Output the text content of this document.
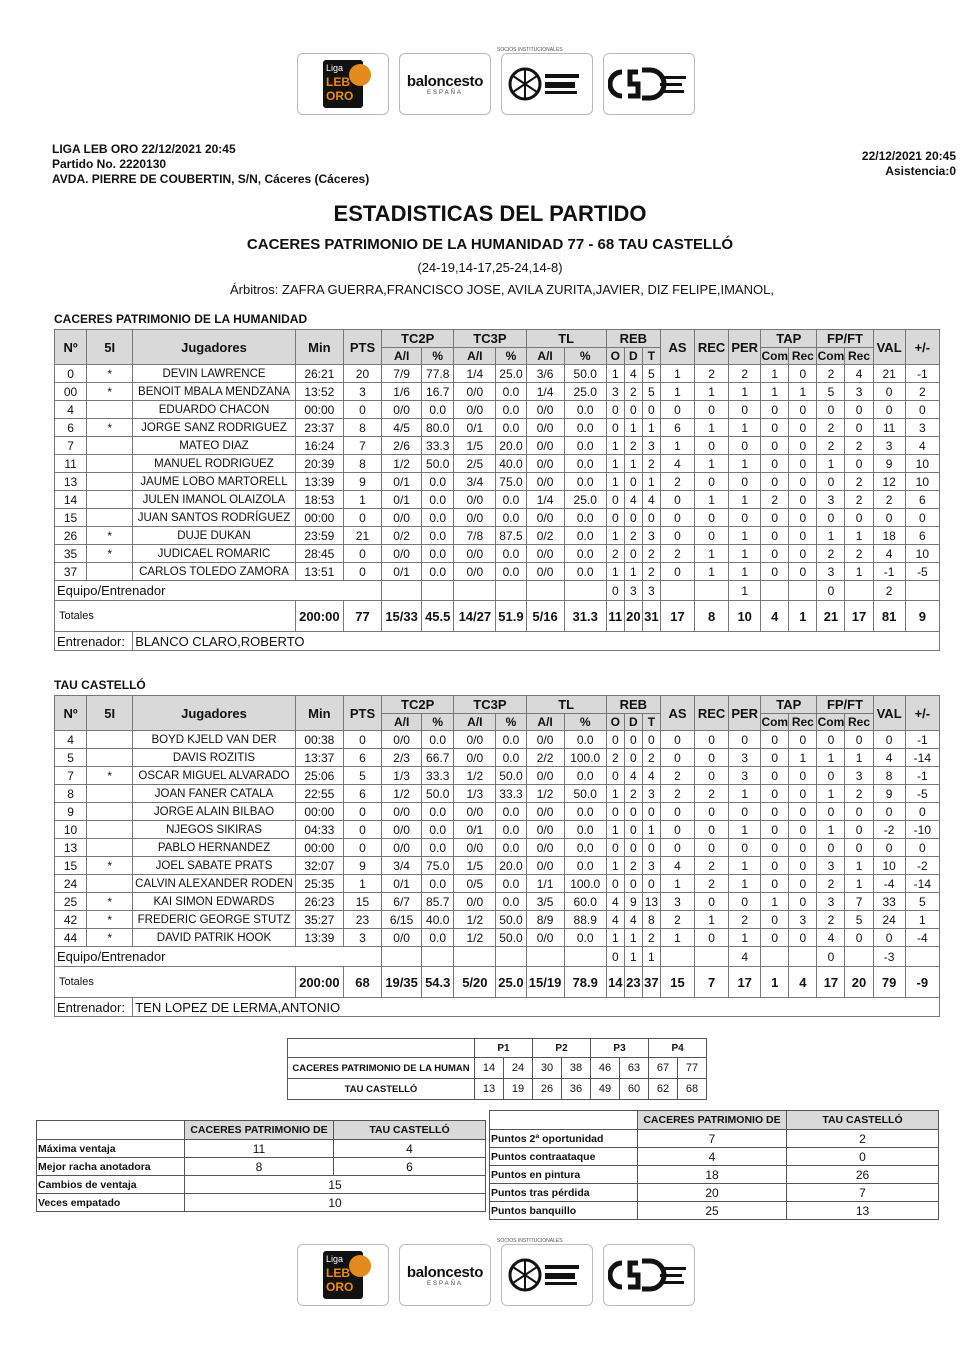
SOCIOS INSTITUCIONALES
Liga
LEB
ORO
baloncesto
ESPAÑA
LIGA LEB ORO 22/12/2021 20:45
Partido No. 2220130
AVDA. PIERRE DE COUBERTIN, S/N, Cáceres (Cáceres)
22/12/2021 20:45
Asistencia:0
ESTADISTICAS DEL PARTIDO
CACERES PATRIMONIO DE LA HUMANIDAD 77 - 68 TAU CASTELLÓ
(24-19,14-17,25-24,14-8)
Árbitros: ZAFRA GUERRA,FRANCISCO JOSE, AVILA ZURITA,JAVIER, DIZ FELIPE,IMANOL,
CACERES PATRIMONIO DE LA HUMANIDAD
Nº	5I	Jugadores	Min	PTS	TC2P		TC3P		TL		REB			AS	REC	PER	TAP		FP/FT		VAL	+/-
					A/I	%	A/I	%	A/I	%	O	D	T				Com	Rec	Com	Rec		
0	*	DEVIN LAWRENCE	26:21	20	7/9	77.8	1/4	25.0	3/6	50.0	1	4	5	1	2	2	1	0	2	4	21	-1
00	*	BENOIT MBALA MENDZANA	13:52	3	1/6	16.7	0/0	0.0	1/4	25.0	3	2	5	1	1	1	1	1	5	3	0	2
4		EDUARDO CHACON	00:00	0	0/0	0.0	0/0	0.0	0/0	0.0	0	0	0	0	0	0	0	0	0	0	0	0
6	*	JORGE SANZ RODRIGUEZ	23:37	8	4/5	80.0	0/1	0.0	0/0	0.0	0	1	1	6	1	1	0	0	2	0	11	3
7		MATEO DIAZ	16:24	7	2/6	33.3	1/5	20.0	0/0	0.0	1	2	3	1	0	0	0	0	2	2	3	4
11		MANUEL RODRIGUEZ	20:39	8	1/2	50.0	2/5	40.0	0/0	0.0	1	1	2	4	1	1	0	0	1	0	9	10
13		JAUME LOBO MARTORELL	13:39	9	0/1	0.0	3/4	75.0	0/0	0.0	1	0	1	2	0	0	0	0	0	2	12	10
14		JULEN IMANOL OLAIZOLA	18:53	1	0/1	0.0	0/0	0.0	1/4	25.0	0	4	4	0	1	1	2	0	3	2	2	6
15		JUAN SANTOS RODRÍGUEZ	00:00	0	0/0	0.0	0/0	0.0	0/0	0.0	0	0	0	0	0	0	0	0	0	0	0	0
26	*	DUJE DUKAN	23:59	21	0/2	0.0	7/8	87.5	0/2	0.0	1	2	3	0	0	1	0	0	1	1	18	6
35	*	JUDICAEL ROMARIC	28:45	0	0/0	0.0	0/0	0.0	0/0	0.0	2	0	2	2	1	1	0	0	2	2	4	10
37		CARLOS TOLEDO ZAMORA	13:51	0	0/1	0.0	0/0	0.0	0/0	0.0	1	1	2	0	1	1	0	0	3	1	-1	-5
Equipo/Entrenador											0	3	3			1			0		2	
Totales			200:00	77	15/33	45.5	14/27	51.9	5/16	31.3	11	20	31	17	8	10	4	1	21	17	81	9
Entrenador:		BLANCO CLARO,ROBERTO																				
TAU CASTELLÓ
Nº	5I	Jugadores	Min	PTS	TC2P		TC3P		TL		REB			AS	REC	PER	TAP		FP/FT		VAL	+/-
					A/I	%	A/I	%	A/I	%	O	D	T				Com	Rec	Com	Rec		
4		BOYD KJELD VAN DER	00:38	0	0/0	0.0	0/0	0.0	0/0	0.0	0	0	0	0	0	0	0	0	0	0	0	-1
5		DAVIS ROZITIS	13:37	6	2/3	66.7	0/0	0.0	2/2	100.0	2	0	2	0	0	3	0	1	1	1	4	-14
7	*	OSCAR MIGUEL ALVARADO	25:06	5	1/3	33.3	1/2	50.0	0/0	0.0	0	4	4	2	0	3	0	0	0	3	8	-1
8		JOAN FANER CATALA	22:55	6	1/2	50.0	1/3	33.3	1/2	50.0	1	2	3	2	2	1	0	0	1	2	9	-5
9		JORGE ALAIN BILBAO	00:00	0	0/0	0.0	0/0	0.0	0/0	0.0	0	0	0	0	0	0	0	0	0	0	0	0
10		NJEGOS SIKIRAS	04:33	0	0/0	0.0	0/1	0.0	0/0	0.0	1	0	1	0	0	1	0	0	1	0	-2	-10
13		PABLO HERNANDEZ	00:00	0	0/0	0.0	0/0	0.0	0/0	0.0	0	0	0	0	0	0	0	0	0	0	0	0
15	*	JOEL SABATE PRATS	32:07	9	3/4	75.0	1/5	20.0	0/0	0.0	1	2	3	4	2	1	0	0	3	1	10	-2
24		CALVIN ALEXANDER RODEN	25:35	1	0/1	0.0	0/5	0.0	1/1	100.0	0	0	0	1	2	1	0	0	2	1	-4	-14
25	*	KAI SIMON EDWARDS	26:23	15	6/7	85.7	0/0	0.0	3/5	60.0	4	9	13	3	0	0	1	0	3	7	33	5
42	*	FREDERIC GEORGE STUTZ	35:27	23	6/15	40.0	1/2	50.0	8/9	88.9	4	4	8	2	1	2	0	3	2	5	24	1
44	*	DAVID PATRIK HOOK	13:39	3	0/0	0.0	1/2	50.0	0/0	0.0	1	1	2	1	0	1	0	0	4	0	0	-4
Equipo/Entrenador											0	1	1			4			0		-3	
Totales			200:00	68	19/35	54.3	5/20	25.0	15/19	78.9	14	23	37	15	7	17	1	4	17	20	79	-9
Entrenador:		TEN LOPEZ DE LERMA,ANTONIO																				
	P1		P2		P3		P4	
CACERES PATRIMONIO DE LA HUMAN	14	24	30	38	46	63	67	77
TAU CASTELLÓ	13	19	26	36	49	60	62	68
	CACERES PATRIMONIO DE	TAU CASTELLÓ
Máxima ventaja	11	4
Mejor racha anotadora	8	6
Cambios de ventaja	15	
Veces empatado	10	
	CACERES PATRIMONIO DE	TAU CASTELLÓ
Puntos 2ª oportunidad	7	2
Puntos contraataque	4	0
Puntos en pintura	18	26
Puntos tras pérdida	20	7
Puntos banquillo	25	13
SOCIOS INSTITUCIONALES
Liga
LEB
ORO
baloncesto
ESPAÑA
